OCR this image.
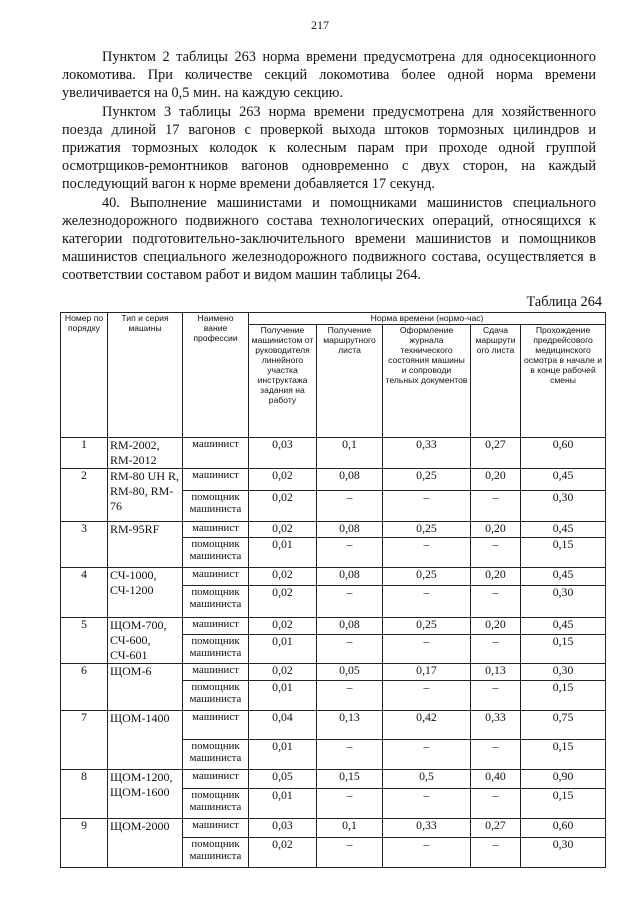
217

Пунктом 2 таблицы 263 норма времени предусмотрена для односекционного локомотива. При количестве секций локомотива более одной норма времени увеличивается на 0,5 мин. на каждую секцию.

Пунктом 3 таблицы 263 норма времени предусмотрена для хозяйственного поезда длиной 17 вагонов с проверкой выхода штоков тормозных цилиндров и прижатия тормозных колодок к колесным парам при проходе одной группой осмотрщиков-ремонтников вагонов одновременно с двух сторон, на каждый последующий вагон к норме времени добавляется 17 секунд.

40. Выполнение машинистами и помощниками машинистов специального железнодорожного подвижного состава технологических операций, относящихся к категории подготовительно-заключительного времени машинистов и помощников машинистов специального железнодорожного подвижного состава, осуществляется в соответствии составом работ и видом машин таблицы 264.

Таблица 264
Номер по порядку	Тип и серия машины	Наимено вание профессии	Норма времени (нормо-час)				
			Получение машинистом от руководителя линейного участка инструктажа задания на работу	Получение маршрутного листа	Оформление журнала технического состояния машины и сопроводи тельных документов	Сдача маршрути ого листа	Прохождение предрейсового медицинского осмотра в начале и в конце рабочей смены
1	RM-2002, RM-2012	машинист	0,03	0,1	0,33	0,27	0,60
2	RM-80 UH R, RM-80, RM-76	машинист	0,02	0,08	0,25	0,20	0,45
		помощник машиниста	0,02	–	–	–	0,30
3	RM-95RF	машинист	0,02	0,08	0,25	0,20	0,45
		помощник машиниста	0,01	–	–	–	0,15
4	СЧ-1000, СЧ-1200	машинист	0,02	0,08	0,25	0,20	0,45
		помощник машиниста	0,02	–	–	–	0,30
5	ЩОМ-700, СЧ-600, СЧ-601	машинист	0,02	0,08	0,25	0,20	0,45
		помощник машиниста	0,01	–	–	–	0,15
6	ЩОМ-6	машинист	0,02	0,05	0,17	0,13	0,30
		помощник машиниста	0,01	–	–	–	0,15
7	ЩОМ-1400	машинист	0,04	0,13	0,42	0,33	0,75
		помощник машиниста	0,01	–	–	–	0,15
8	ЩОМ-1200, ЩОМ-1600	машинист	0,05	0,15	0,5	0,40	0,90
		помощник машиниста	0,01	–	–	–	0,15
9	ЩОМ-2000	машинист	0,03	0,1	0,33	0,27	0,60
		помощник машиниста	0,02	–	–	–	0,30
